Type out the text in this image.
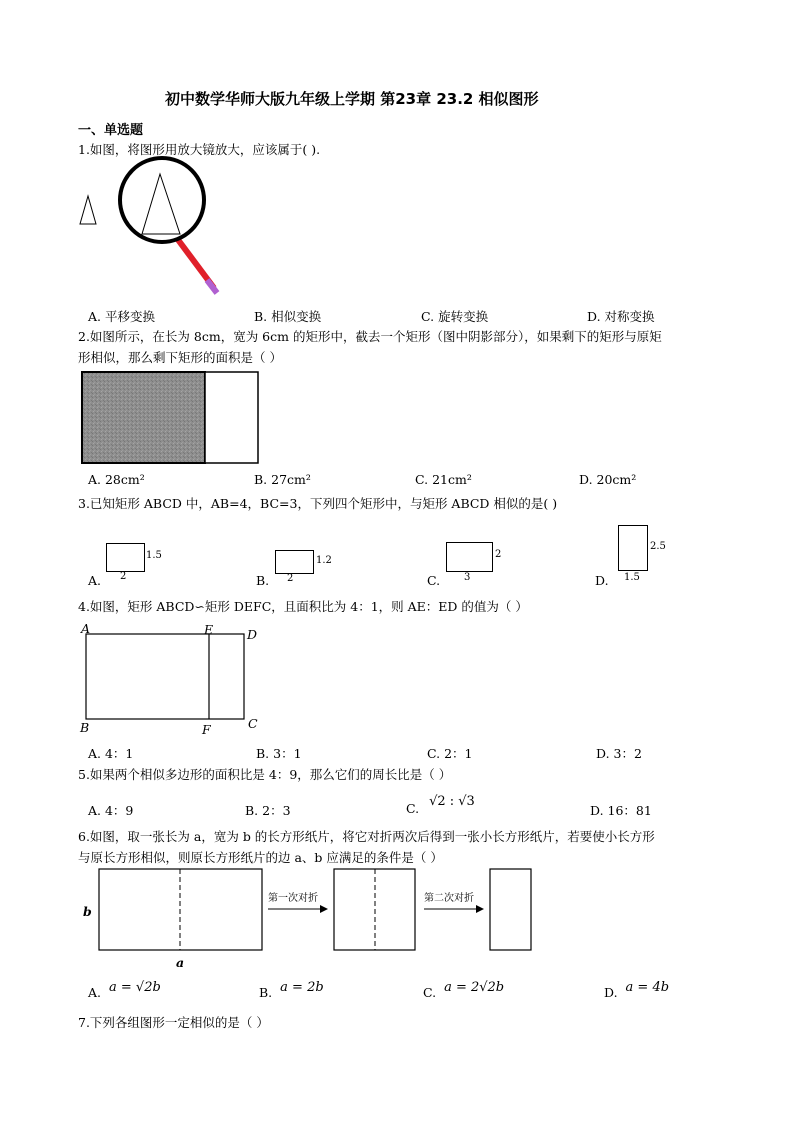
初中数学华师大版九年级上学期 第23章 23.2 相似图形
一、单选题
1.如图，将图形用放大镜放大，应该属于( ).
A. 平移变换	B. 相似变换	C. 旋转变换	D. 对称变换
2.如图所示，在长为 8cm，宽为 6cm 的矩形中，截去一个矩形（图中阴影部分），如果剩下的矩形与原矩
形相似，那么剩下矩形的面积是（ ）
A. 28cm²	B. 27cm²	C. 21cm²	D. 20cm²
3.已知矩形 ABCD 中，AB=4，BC=3，下列四个矩形中，与矩形 ABCD 相似的是( )
A. 2
1.5
B. 2
1.2
C. 3
2
D. 1.5
2.5
4.如图，矩形 ABCD∽矩形 DEFC，且面积比为 4：1，则 AE：ED 的值为（ ）
A	E	D
B	F	C
A. 4：1	B. 3：1	C. 2：1	D. 3：2
5.如果两个相似多边形的面积比是 4：9，那么它们的周长比是（ ）
A. 4：9	B. 2：3	C. √2 : √3
D. 16：81
6.如图，取一张长为 a，宽为 b 的长方形纸片，将它对折两次后得到一张小长方形纸片，若要使小长方形
与原长方形相似，则原长方形纸片的边 a、b 应满足的条件是（ ）
b
a
第一次对折	第二次对折
A. a = √2b	B. a = 2b	C. a = 2√2b	D. a = 4b
7.下列各组图形一定相似的是（ ）
